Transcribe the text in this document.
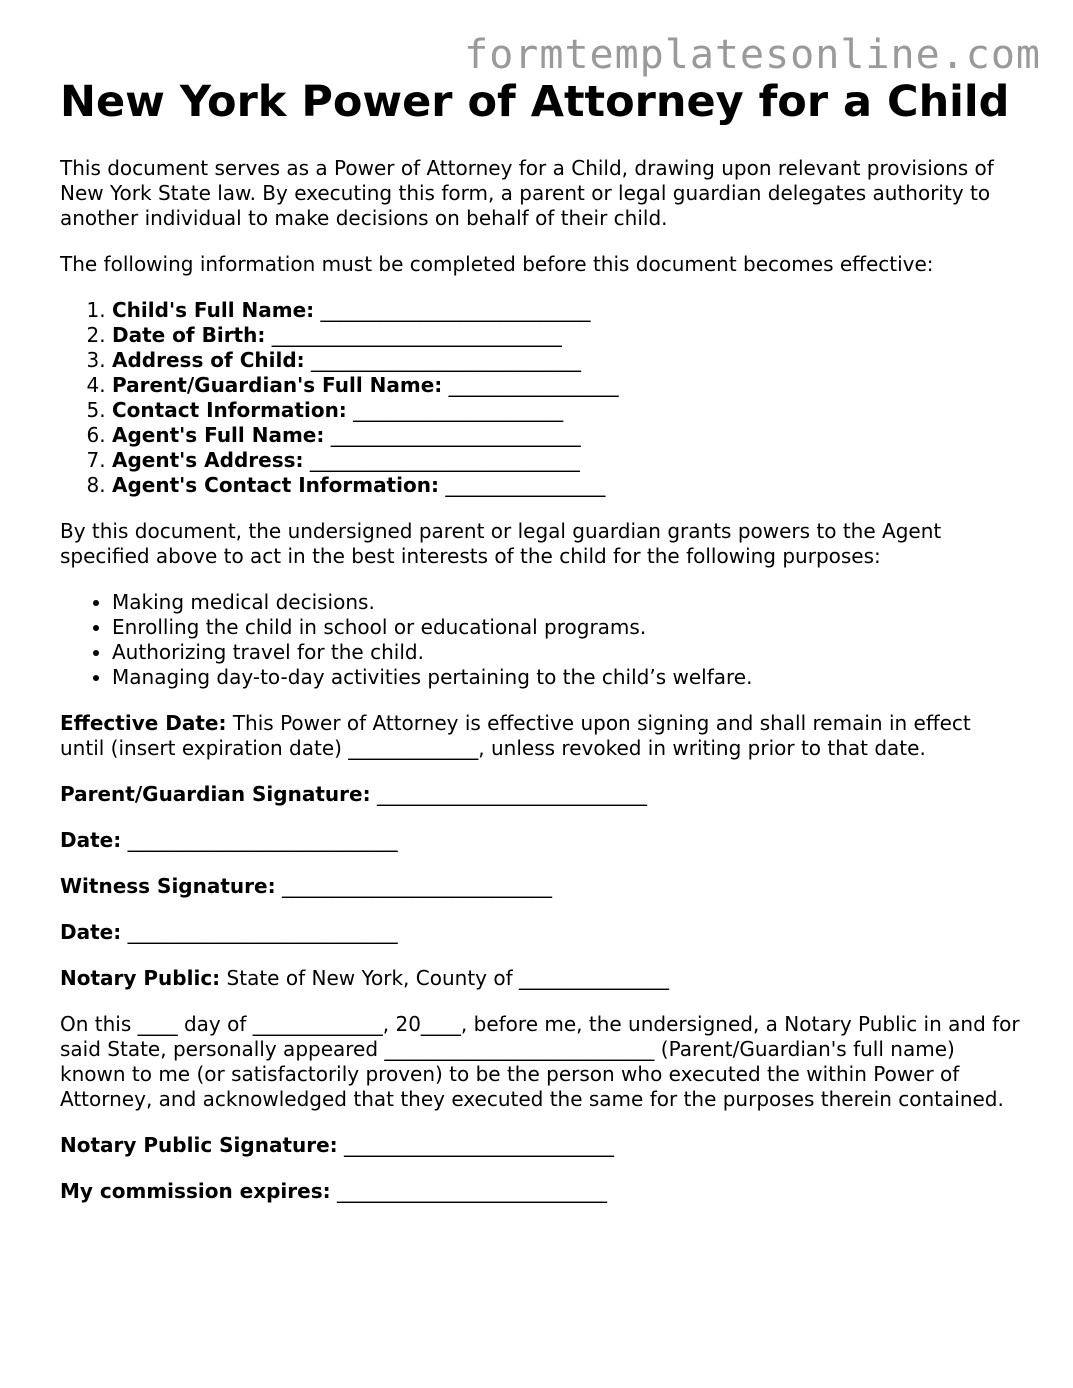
formtemplatesonline.com
New York Power of Attorney for a Child

This document serves as a Power of Attorney for a Child, drawing upon relevant provisions of New York State law. By executing this form, a parent or legal guardian delegates authority to another individual to make decisions on behalf of their child.

The following information must be completed before this document becomes effective:

1. Child's Full Name: ___________________________
2. Date of Birth: _____________________________
3. Address of Child: ___________________________
4. Parent/Guardian's Full Name: _________________
5. Contact Information: _____________________
6. Agent's Full Name: _________________________
7. Agent's Address: ___________________________
8. Agent's Contact Information: ________________

By this document, the undersigned parent or legal guardian grants powers to the Agent specified above to act in the best interests of the child for the following purposes:

• Making medical decisions.
• Enrolling the child in school or educational programs.
• Authorizing travel for the child.
• Managing day-to-day activities pertaining to the child’s welfare.

Effective Date: This Power of Attorney is effective upon signing and shall remain in effect until (insert expiration date) _____________, unless revoked in writing prior to that date.

Parent/Guardian Signature: ___________________________

Date: ___________________________

Witness Signature: ___________________________

Date: ___________________________

Notary Public: State of New York, County of _______________

On this ____ day of _____________, 20____, before me, the undersigned, a Notary Public in and for said State, personally appeared ___________________________ (Parent/Guardian's full name) known to me (or satisfactorily proven) to be the person who executed the within Power of Attorney, and acknowledged that they executed the same for the purposes therein contained.

Notary Public Signature: ___________________________

My commission expires: ___________________________
